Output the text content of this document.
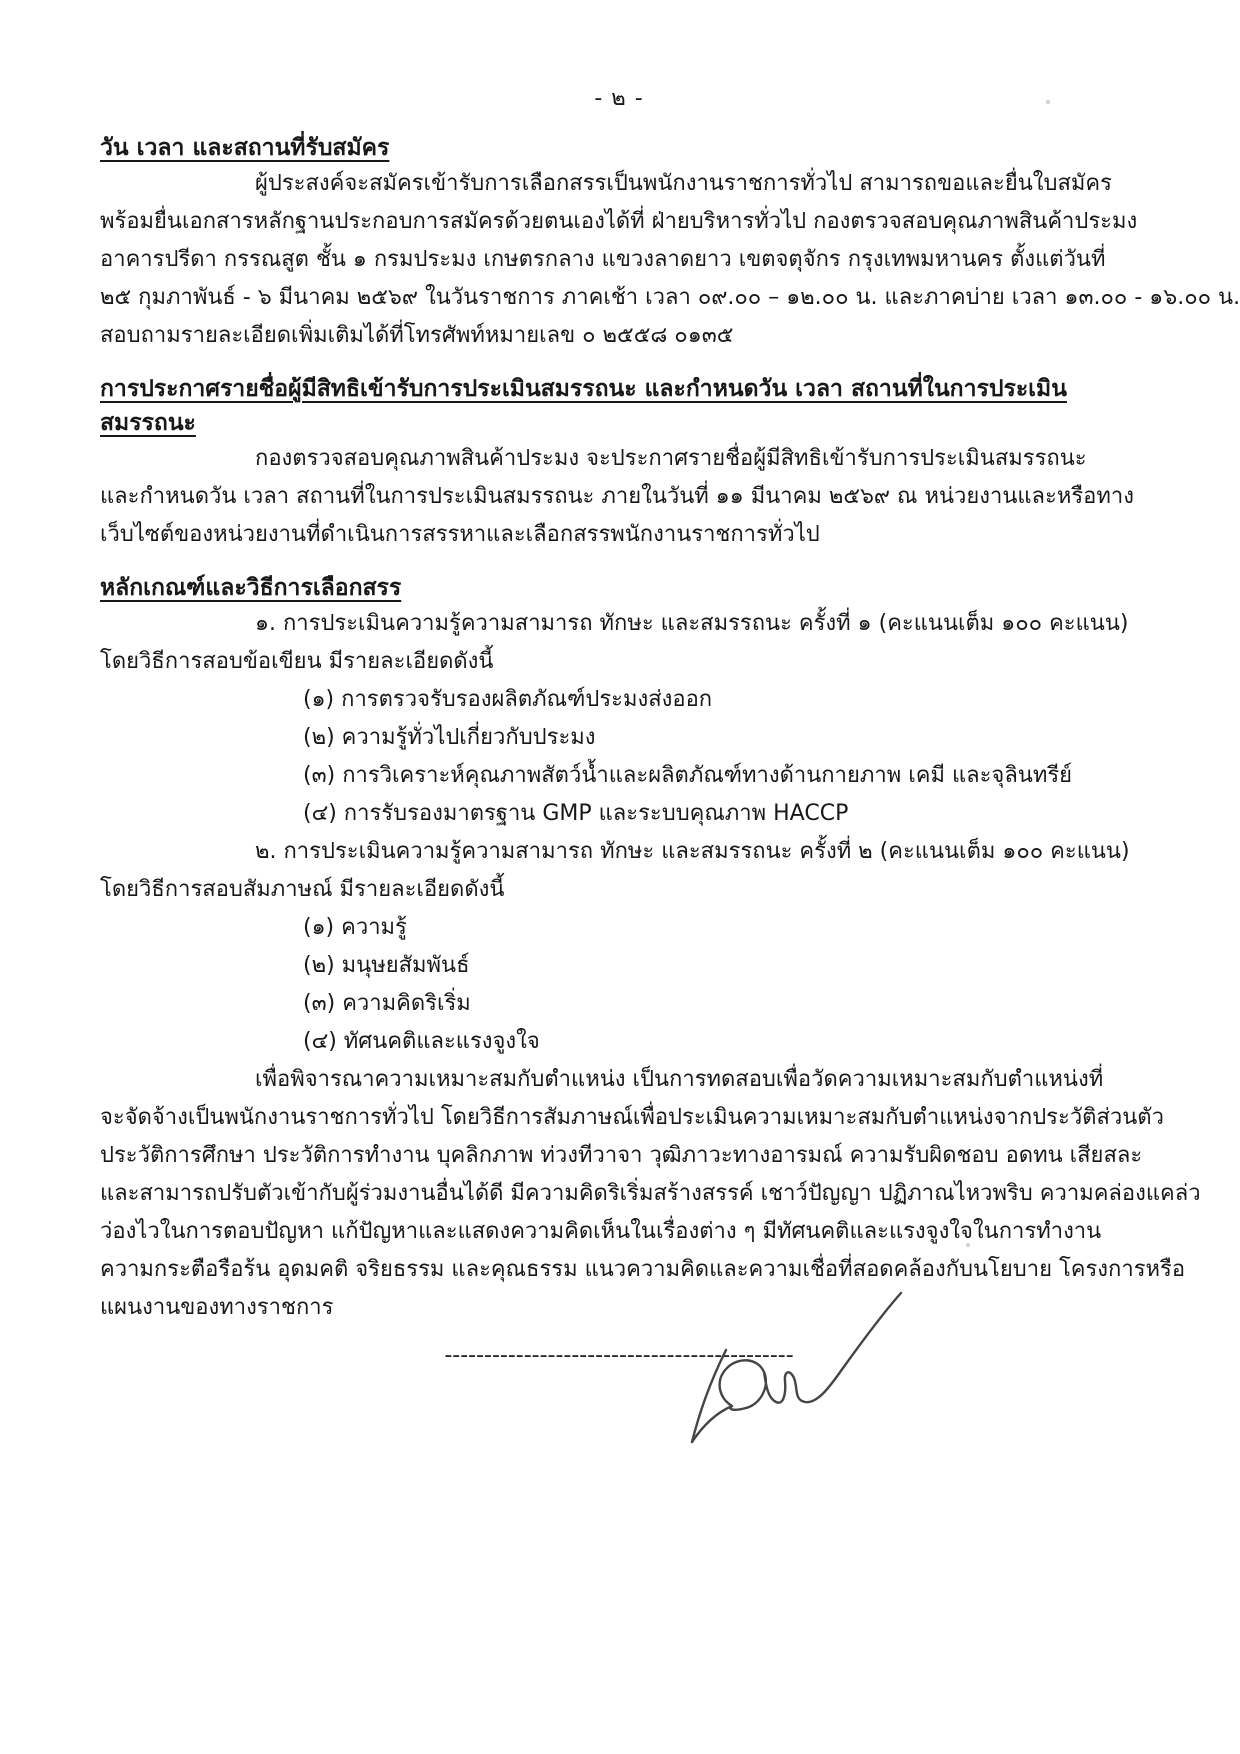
- ๒ -
วัน เวลา และสถานที่รับสมัคร
ผู้ประสงค์จะสมัครเข้ารับการเลือกสรรเป็นพนักงานราชการทั่วไป สามารถขอและยื่นใบสมัคร
พร้อมยื่นเอกสารหลักฐานประกอบการสมัครด้วยตนเองได้ที่ ฝ่ายบริหารทั่วไป กองตรวจสอบคุณภาพสินค้าประมง
อาคารปรีดา กรรณสูต ชั้น ๑ กรมประมง เกษตรกลาง แขวงลาดยาว เขตจตุจักร กรุงเทพมหานคร ตั้งแต่วันที่
๒๕ กุมภาพันธ์ - ๖ มีนาคม ๒๕๖๙ ในวันราชการ ภาคเช้า เวลา ๐๙.๐๐ – ๑๒.๐๐ น. และภาคบ่าย เวลา ๑๓.๐๐ - ๑๖.๐๐ น.
สอบถามรายละเอียดเพิ่มเติมได้ที่โทรศัพท์หมายเลข ๐ ๒๕๕๘ ๐๑๓๕
การประกาศรายชื่อผู้มีสิทธิเข้ารับการประเมินสมรรถนะ และกำหนดวัน เวลา สถานที่ในการประเมินสมรรถนะ
กองตรวจสอบคุณภาพสินค้าประมง จะประกาศรายชื่อผู้มีสิทธิเข้ารับการประเมินสมรรถนะ
และกำหนดวัน เวลา สถานที่ในการประเมินสมรรถนะ ภายในวันที่ ๑๑ มีนาคม ๒๕๖๙ ณ หน่วยงานและหรือทาง
เว็บไซต์ของหน่วยงานที่ดำเนินการสรรหาและเลือกสรรพนักงานราชการทั่วไป
หลักเกณฑ์และวิธีการเลือกสรร
๑. การประเมินความรู้ความสามารถ ทักษะ และสมรรถนะ ครั้งที่ ๑ (คะแนนเต็ม ๑๐๐ คะแนน)
โดยวิธีการสอบข้อเขียน มีรายละเอียดดังนี้
(๑) การตรวจรับรองผลิตภัณฑ์ประมงส่งออก
(๒) ความรู้ทั่วไปเกี่ยวกับประมง
(๓) การวิเคราะห์คุณภาพสัตว์น้ำและผลิตภัณฑ์ทางด้านกายภาพ เคมี และจุลินทรีย์
(๔) การรับรองมาตรฐาน GMP และระบบคุณภาพ HACCP
๒. การประเมินความรู้ความสามารถ ทักษะ และสมรรถนะ ครั้งที่ ๒ (คะแนนเต็ม ๑๐๐ คะแนน)
โดยวิธีการสอบสัมภาษณ์ มีรายละเอียดดังนี้
(๑) ความรู้
(๒) มนุษยสัมพันธ์
(๓) ความคิดริเริ่ม
(๔) ทัศนคติและแรงจูงใจ
เพื่อพิจารณาความเหมาะสมกับตำแหน่ง เป็นการทดสอบเพื่อวัดความเหมาะสมกับตำแหน่งที่
จะจัดจ้างเป็นพนักงานราชการทั่วไป โดยวิธีการสัมภาษณ์เพื่อประเมินความเหมาะสมกับตำแหน่งจากประวัติส่วนตัว
ประวัติการศึกษา ประวัติการทำงาน บุคลิกภาพ ท่วงทีวาจา วุฒิภาวะทางอารมณ์ ความรับผิดชอบ อดทน เสียสละ
และสามารถปรับตัวเข้ากับผู้ร่วมงานอื่นได้ดี มีความคิดริเริ่มสร้างสรรค์ เชาว์ปัญญา ปฏิภาณไหวพริบ ความคล่องแคล่ว
ว่องไวในการตอบปัญหา แก้ปัญหาและแสดงความคิดเห็นในเรื่องต่าง ๆ มีทัศนคติและแรงจูงใจในการทำงาน
ความกระตือรือร้น อุดมคติ จริยธรรม และคุณธรรม แนวความคิดและความเชื่อที่สอดคล้องกับนโยบาย โครงการหรือ
แผนงานของทางราชการ
--------------------------------------------
